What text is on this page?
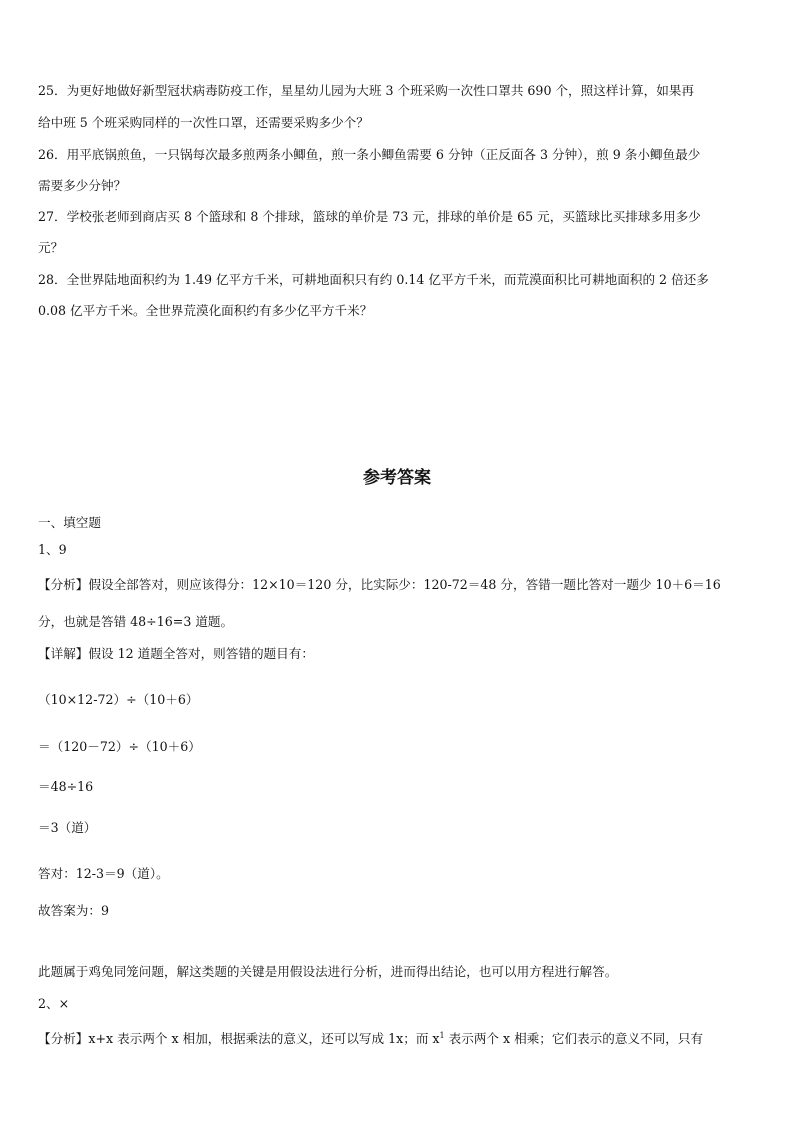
25．为更好地做好新型冠状病毒防疫工作，星星幼儿园为大班 3 个班采购一次性口罩共 690 个，照这样计算，如果再
给中班 5 个班采购同样的一次性口罩，还需要采购多少个？
26．用平底锅煎鱼，一只锅每次最多煎两条小鲫鱼，煎一条小鲫鱼需要 6 分钟（正反面各 3 分钟），煎 9 条小鲫鱼最少
需要多少分钟？
27．学校张老师到商店买 8 个篮球和 8 个排球，篮球的单价是 73 元，排球的单价是 65 元，买篮球比买排球多用多少
元？
28．全世界陆地面积约为 1.49 亿平方千米，可耕地面积只有约 0.14 亿平方千米，而荒漠面积比可耕地面积的 2 倍还多
0.08 亿平方千米。全世界荒漠化面积约有多少亿平方千米？
参考答案
一、填空题
1、9
【分析】假设全部答对，则应该得分：12×10＝120 分，比实际少：120-72＝48 分，答错一题比答对一题少 10＋6＝16
分，也就是答错 48÷16=3 道题。
【详解】假设 12 道题全答对，则答错的题目有：
（10×12-72）÷（10＋6）
＝（120－72）÷（10＋6）
＝48÷16
＝3（道）
答对：12-3＝9（道）。
故答案为：9
此题属于鸡兔同笼问题，解这类题的关键是用假设法进行分析，进而得出结论，也可以用方程进行解答。
2、×
【分析】x+x 表示两个 x 相加，根据乘法的意义，还可以写成 1x；而 $x^1$ 表示两个 x 相乘；它们表示的意义不同，只有
